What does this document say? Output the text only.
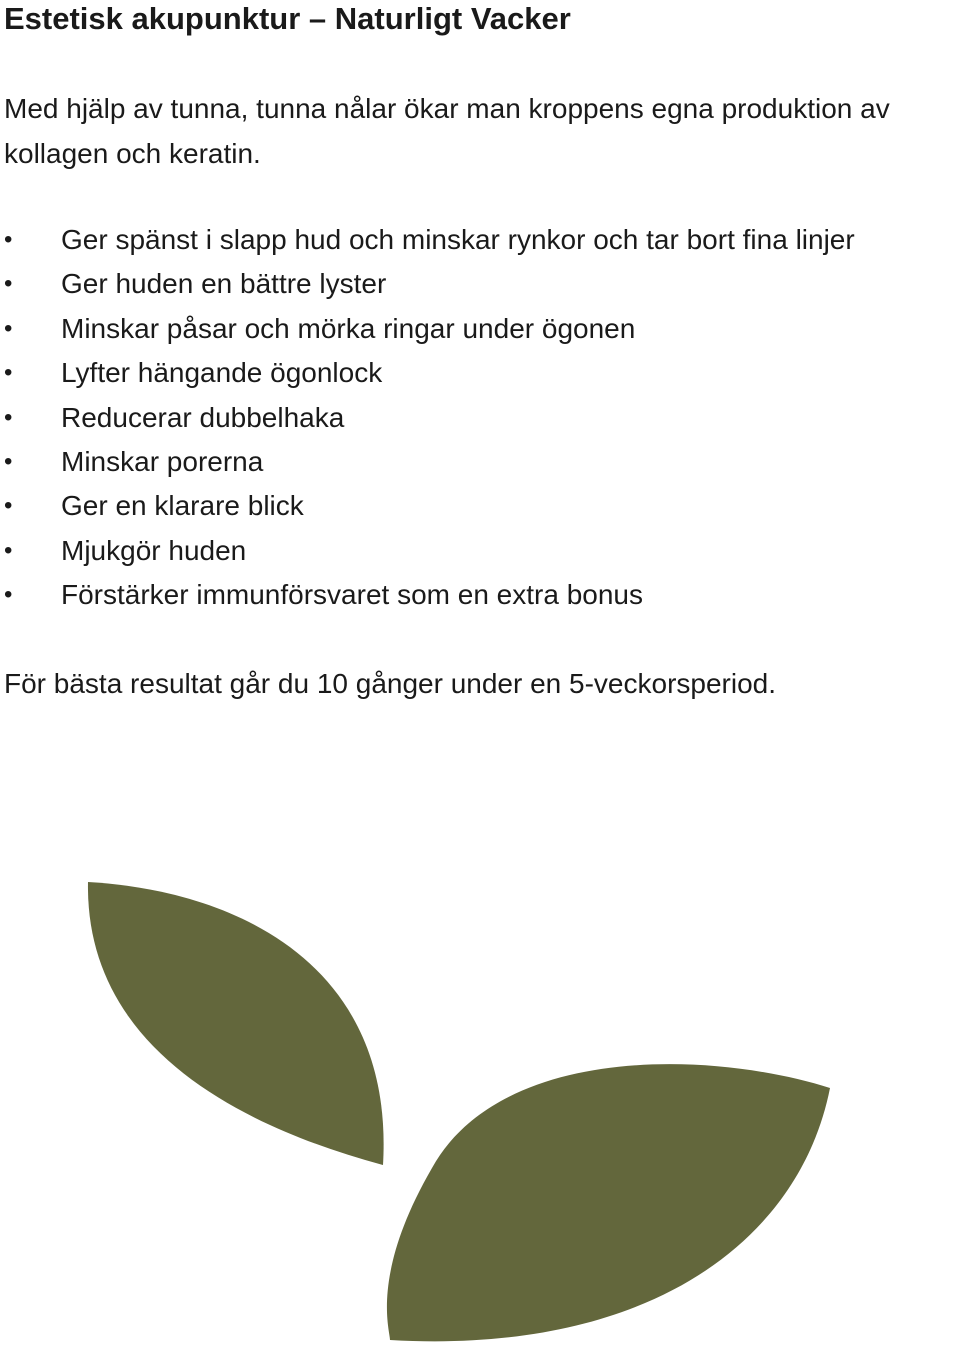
Estetisk akupunktur – Naturligt Vacker

Med hjälp av tunna, tunna nålar ökar man kroppens egna produktion av kollagen och keratin.

• Ger spänst i slapp hud och minskar rynkor och tar bort fina linjer
• Ger huden en bättre lyster
• Minskar påsar och mörka ringar under ögonen
• Lyfter hängande ögonlock
• Reducerar dubbelhaka
• Minskar porerna
• Ger en klarare blick
• Mjukgör huden
• Förstärker immunförsvaret som en extra bonus

För bästa resultat går du 10 gånger under en 5-veckorsperiod.
